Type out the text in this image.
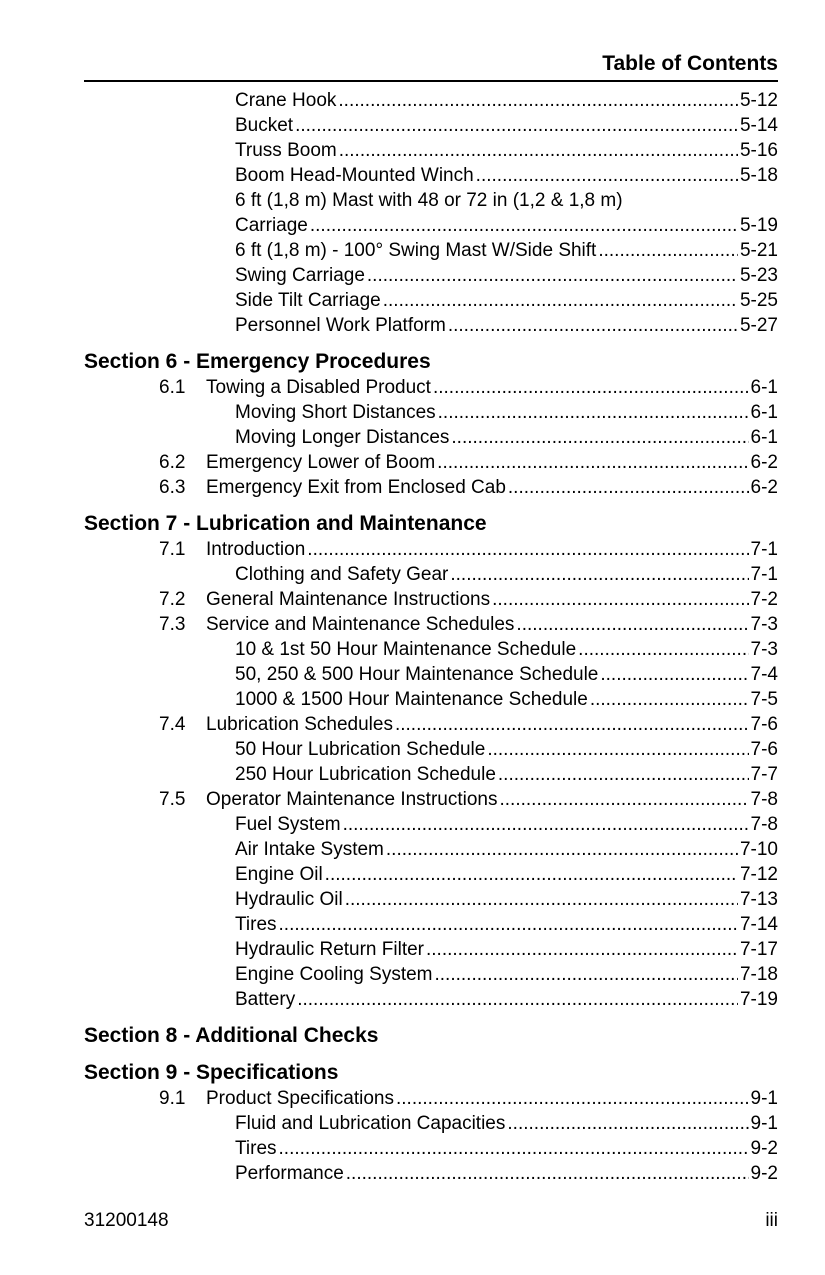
Table of Contents
Crane Hook .....	5-12
Bucket .....	5-14
Truss Boom .....	5-16
Boom Head-Mounted Winch .....	5-18
6 ft (1,8 m) Mast with 48 or 72 in (1,2 & 1,8 m)
Carriage .....	5-19
6 ft (1,8 m) - 100° Swing Mast W/Side Shift .....	5-21
Swing Carriage .....	5-23
Side Tilt Carriage .....	5-25
Personnel Work Platform .....	5-27
Section 6 - Emergency Procedures
6.1 Towing a Disabled Product .....	6-1
Moving Short Distances .....	6-1
Moving Longer Distances .....	6-1
6.2 Emergency Lower of Boom .....	6-2
6.3 Emergency Exit from Enclosed Cab .....	6-2
Section 7 - Lubrication and Maintenance
7.1 Introduction .....	7-1
Clothing and Safety Gear .....	7-1
7.2 General Maintenance Instructions .....	7-2
7.3 Service and Maintenance Schedules .....	7-3
10 & 1st 50 Hour Maintenance Schedule .....	7-3
50, 250 & 500 Hour Maintenance Schedule .....	7-4
1000 & 1500 Hour Maintenance Schedule .....	7-5
7.4 Lubrication Schedules .....	7-6
50 Hour Lubrication Schedule .....	7-6
250 Hour Lubrication Schedule .....	7-7
7.5 Operator Maintenance Instructions .....	7-8
Fuel System .....	7-8
Air Intake System .....	7-10
Engine Oil .....	7-12
Hydraulic Oil .....	7-13
Tires .....	7-14
Hydraulic Return Filter .....	7-17
Engine Cooling System .....	7-18
Battery .....	7-19
Section 8 - Additional Checks
Section 9 - Specifications
9.1 Product Specifications .....	9-1
Fluid and Lubrication Capacities .....	9-1
Tires .....	9-2
Performance .....	9-2
31200148	iii
